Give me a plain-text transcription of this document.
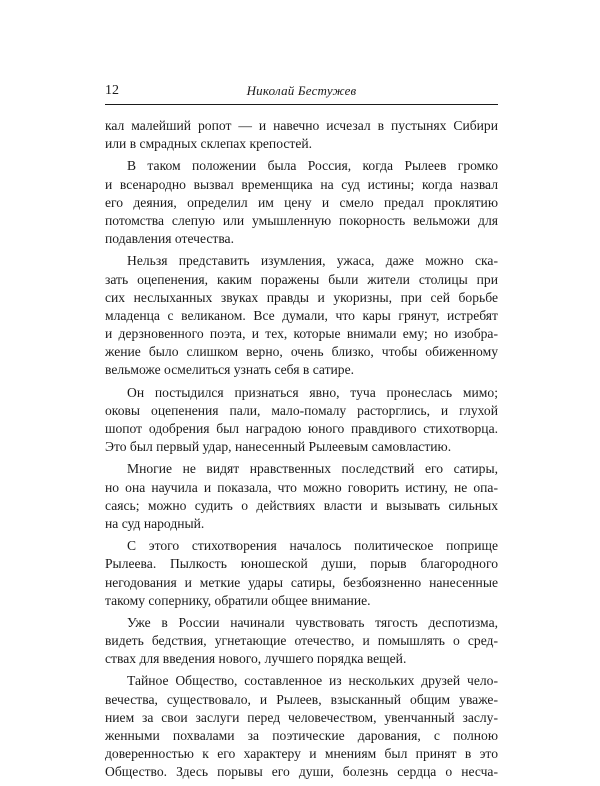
12	Николай Бестужев
кал малейший ропот — и навечно исчезал в пустынях Сибири
или в смрадных склепах крепостей.
В таком положении была Россия, когда Рылеев громко
и всенародно вызвал временщика на суд истины; когда назвал
его деяния, определил им цену и смело предал проклятию
потомства слепую или умышленную покорность вельможи для
подавления отечества.
Нельзя представить изумления, ужаса, даже можно ска-
зать оцепенения, каким поражены были жители столицы при
сих неслыханных звуках правды и укоризны, при сей борьбе
младенца с великаном. Все думали, что кары грянут, истребят
и дерзновенного поэта, и тех, которые внимали ему; но изобра-
жение было слишком верно, очень близко, чтобы обиженному
вельможе осмелиться узнать себя в сатире.
Он постыдился признаться явно, туча пронеслась мимо;
оковы оцепенения пали, мало-помалу расторглись, и глухой
шопот одобрения был наградою юного правдивого стихотворца.
Это был первый удар, нанесенный Рылеевым самовластию.
Многие не видят нравственных последствий его сатиры,
но она научила и показала, что можно говорить истину, не опа-
саясь; можно судить о действиях власти и вызывать сильных
на суд народный.
С этого стихотворения началось политическое поприще
Рылеева. Пылкость юношеской души, порыв благородного
негодования и меткие удары сатиры, безбоязненно нанесенные
такому сопернику, обратили общее внимание.
Уже в России начинали чувствовать тягость деспотизма,
видеть бедствия, угнетающие отечество, и помышлять о сред-
ствах для введения нового, лучшего порядка вещей.
Тайное Общество, составленное из нескольких друзей чело-
вечества, существовало, и Рылеев, взысканный общим уваже-
нием за свои заслуги перед человечеством, увенчанный заслу-
женными похвалами за поэтические дарования, с полною
доверенностью к его характеру и мнениям был принят в это
Общество. Здесь порывы его души, болезнь сердца о несча-
